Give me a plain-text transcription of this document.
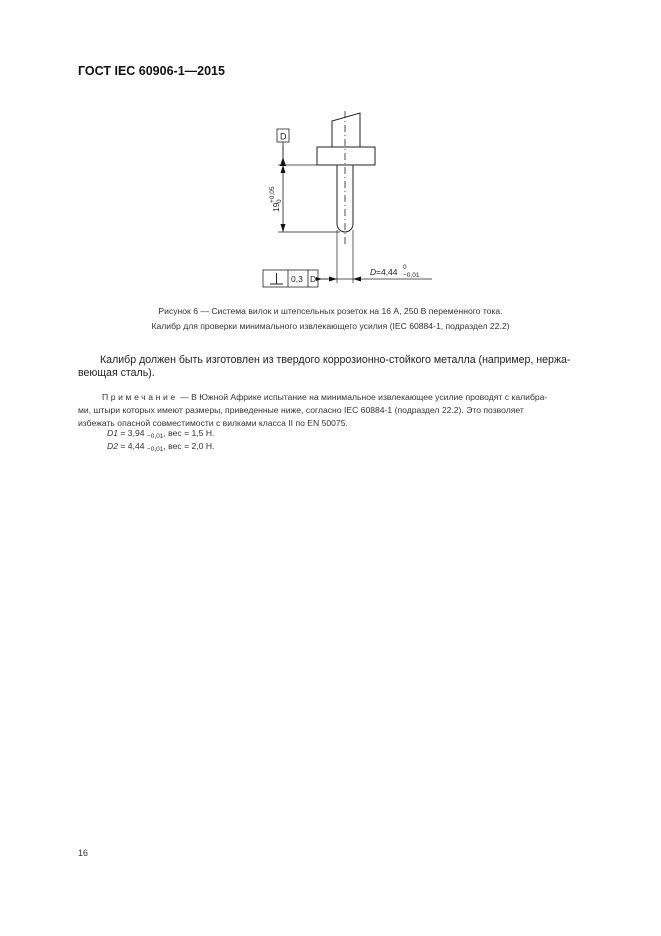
ГОСТ IEC 60906-1—2015
D
19
+0,05 0
D =4,44 0
−0,01
0,3 D
Рисунок 6 — Система вилок и штепсельных розеток на 16 А, 250 В переменного тока.
Калибр для проверки минимального извлекающего усилия (IEC 60884-1, подраздел 22.2)
Калибр должен быть изготовлен из твердого коррозионно-стойкого металла (например, нержа-
веющая сталь).
Примечание — В Южной Африке испытание на минимальное извлекающее усилие проводят с калибра-
ми, штыри которых имеют размеры, приведенные ниже, согласно IEC 60884-1 (подраздел 22.2). Это позволяет
избежать опасной совместимости с вилками класса II по EN 50075.
D1 = 3,94 $_{-0,01}$, вес = 1,5 Н.
D2 = 4,44 $_{-0,01}$, вес = 2,0 Н.
16
